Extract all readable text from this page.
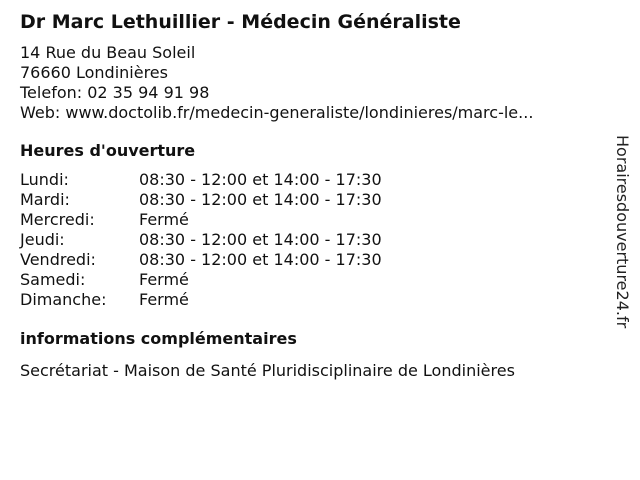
Dr Marc Lethuillier - Médecin Généraliste
14 Rue du Beau Soleil
76660 Londinières
Telefon: 02 35 94 91 98
Web: www.doctolib.fr/medecin-generaliste/londinieres/marc-le...
Heures d'ouverture
Lundi:	08:30 - 12:00 et 14:00 - 17:30
Mardi:	08:30 - 12:00 et 14:00 - 17:30
Mercredi:	Fermé
Jeudi:	08:30 - 12:00 et 14:00 - 17:30
Vendredi:	08:30 - 12:00 et 14:00 - 17:30
Samedi:	Fermé
Dimanche:	Fermé
informations complémentaires
Secrétariat - Maison de Santé Pluridisciplinaire de Londinières
Horairesdouverture24.fr
